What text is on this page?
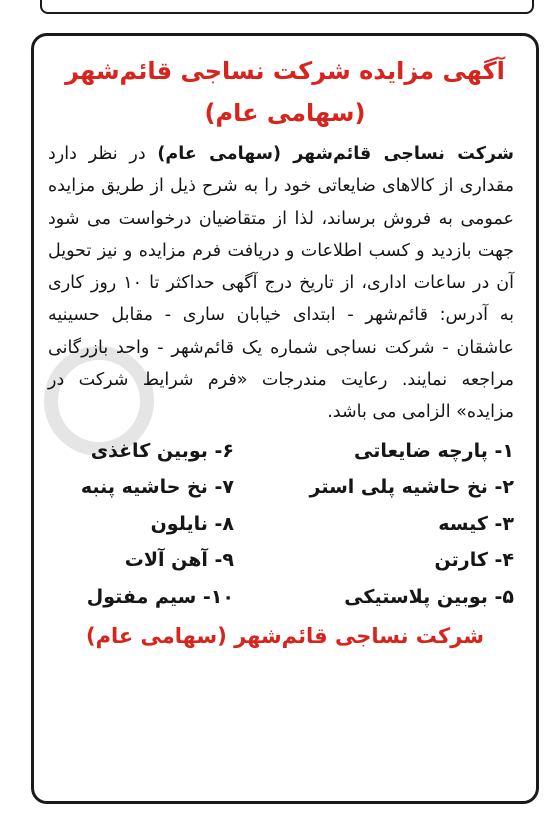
آگهی مزایده شرکت نساجی قائم‌شهر
(سهامی عام)

شرکت نساجی قائم‌شهر (سهامی عام) در نظر دارد مقداری از کالاهای ضایعاتی خود را به شرح ذیل از طریق مزایده عمومی به فروش برساند، لذا از متقاضیان درخواست می شود جهت بازدید و کسب اطلاعات و دریافت فرم مزایده و نیز تحویل آن در ساعات اداری، از تاریخ درج آگهی حداکثر تا ۱۰ روز کاری به آدرس: قائم‌شهر - ابتدای خیابان ساری - مقابل حسینیه عاشقان - شرکت نساجی شماره یک قائم‌شهر - واحد بازرگانی مراجعه نمایند. رعایت مندرجات «فرم شرایط شرکت در مزایده» الزامی می باشد.

۱- پارچه ضایعاتی
۶- بوبین کاغذی
۲- نخ حاشیه پلی استر
۷- نخ حاشیه پنبه
۳- کیسه
۸- نایلون
۴- کارتن
۹- آهن آلات
۵- بوبین پلاستیکی
۱۰- سیم مفتول
شرکت نساجی قائم‌شهر (سهامی عام)
